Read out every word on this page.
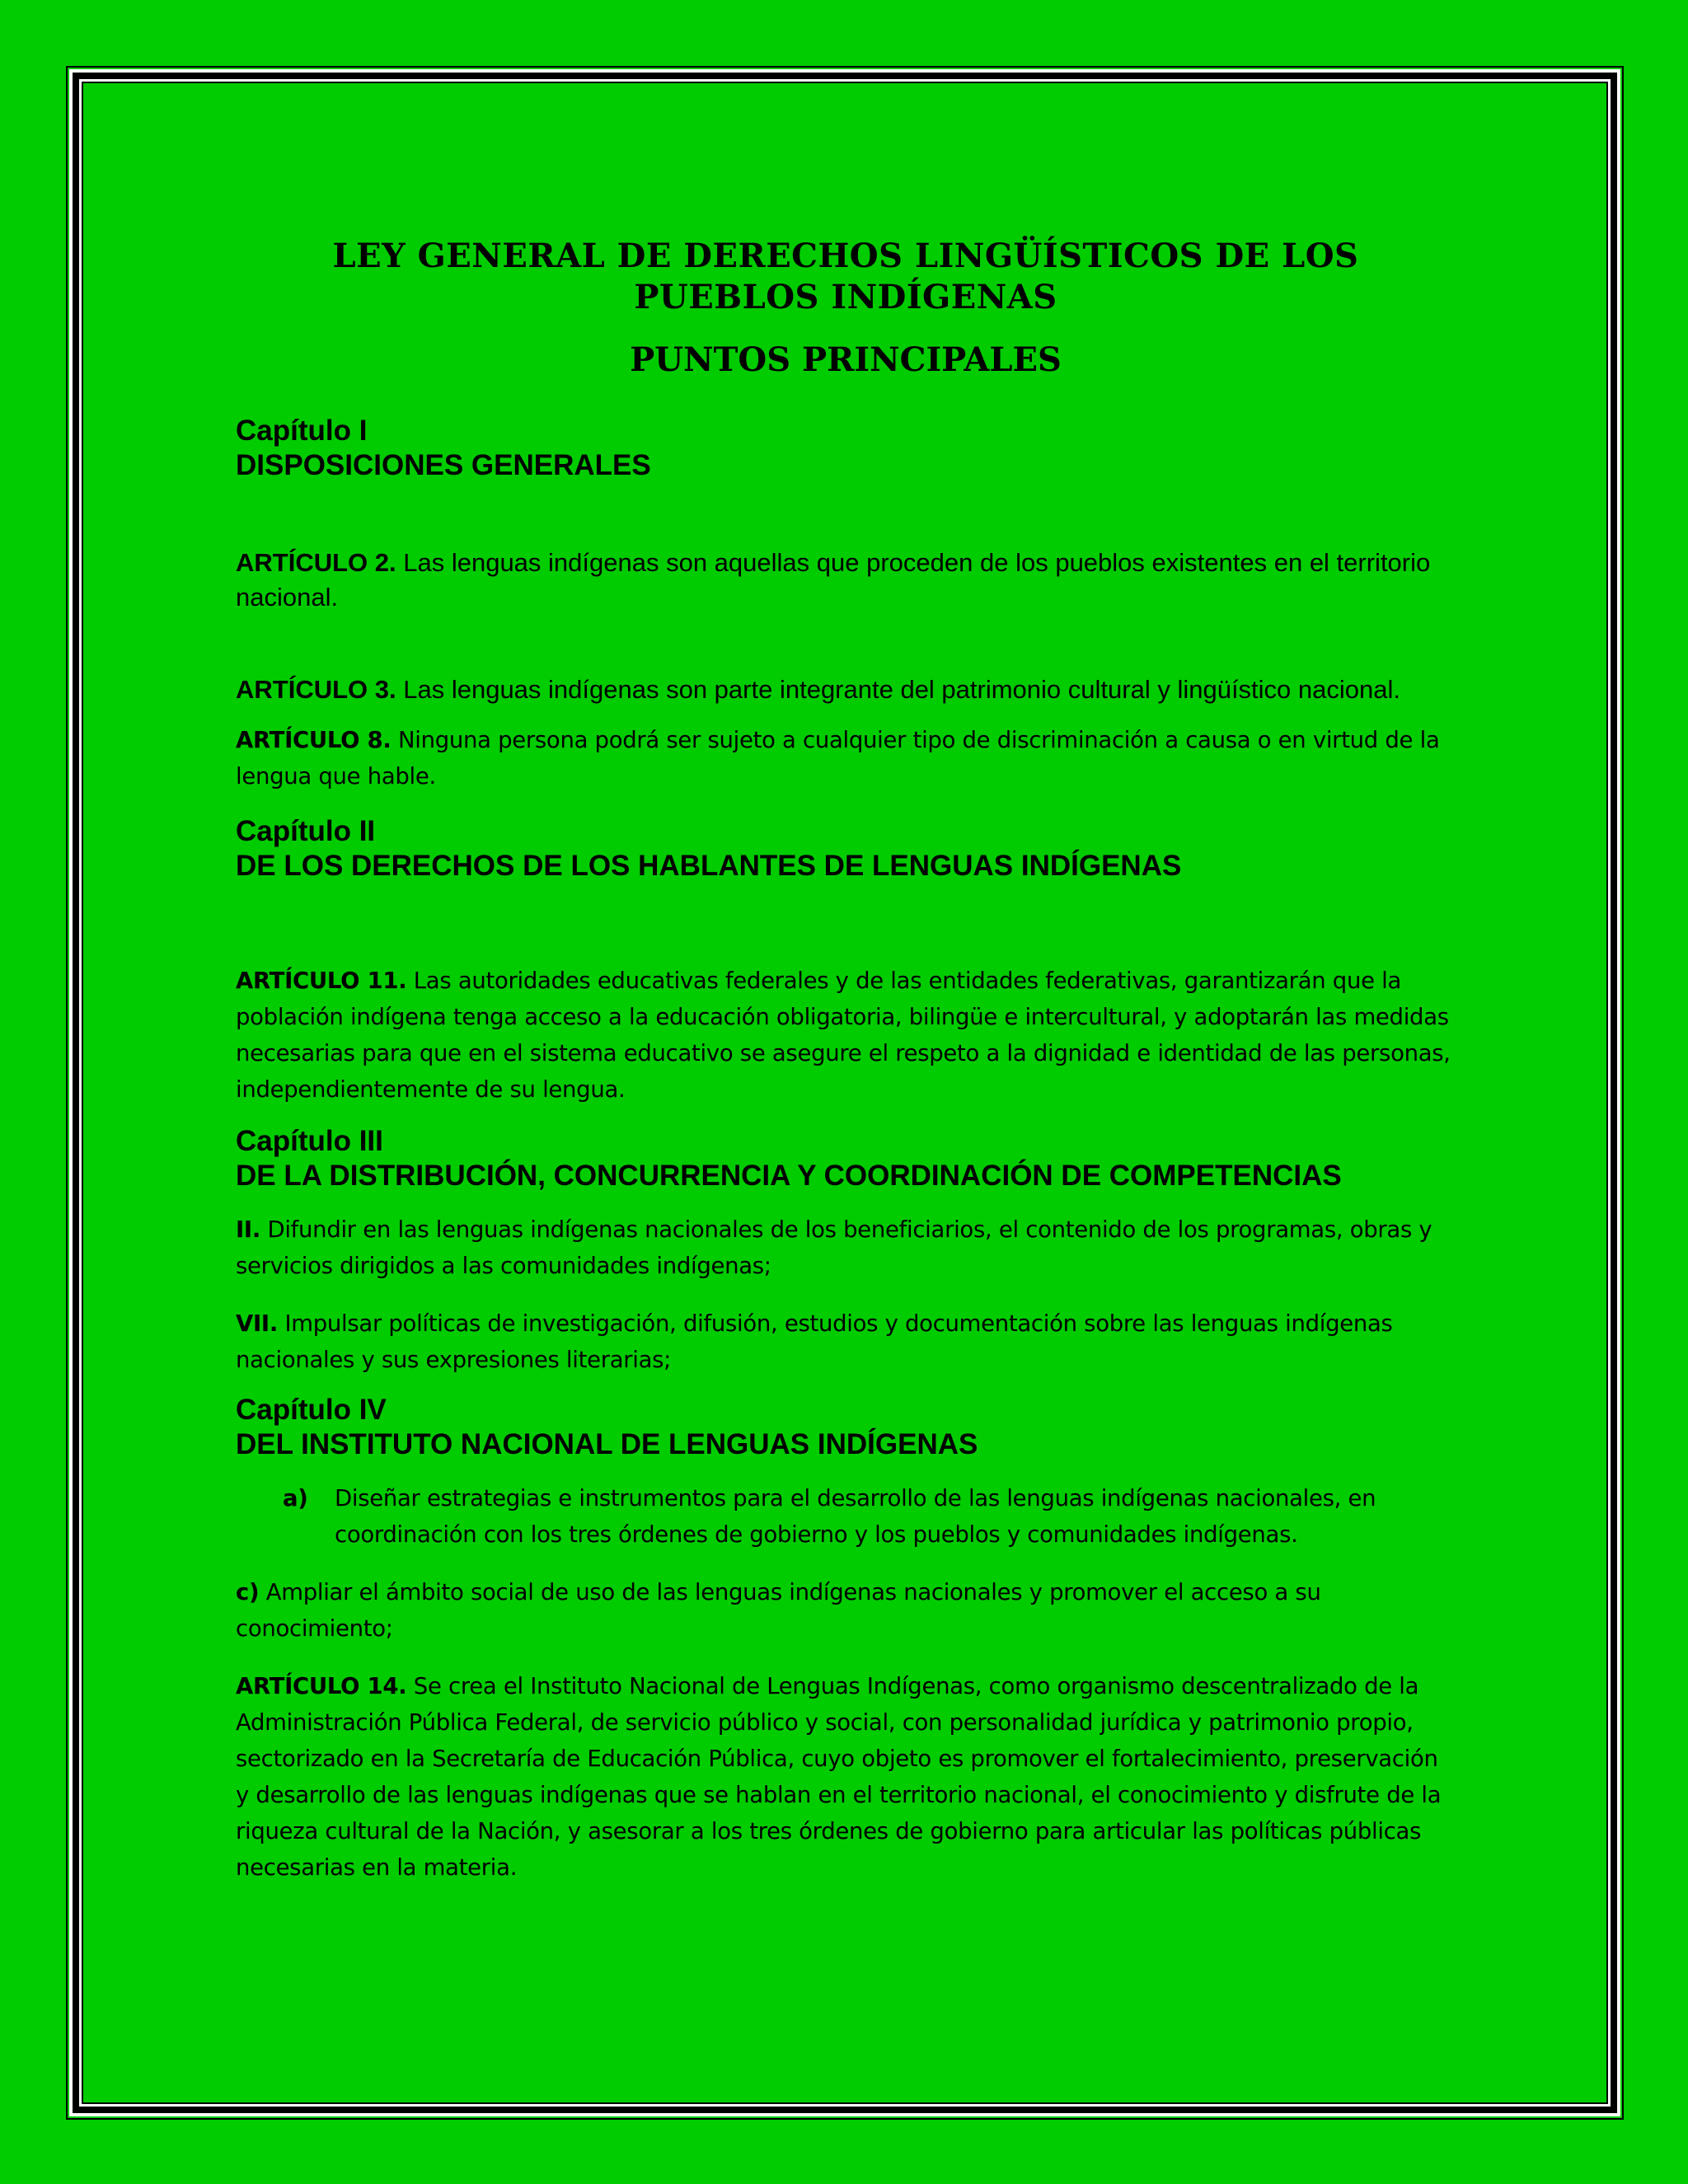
LEY GENERAL DE DERECHOS LINGÜÍSTICOS DE LOS PUEBLOS INDÍGENAS
PUNTOS PRINCIPALES
Capítulo I
DISPOSICIONES GENERALES

ARTÍCULO 2. Las lenguas indígenas son aquellas que proceden de los pueblos existentes en el territorio nacional.

ARTÍCULO 3. Las lenguas indígenas son parte integrante del patrimonio cultural y lingüístico nacional.

ARTÍCULO 8. Ninguna persona podrá ser sujeto a cualquier tipo de discriminación a causa o en virtud de la lengua que hable.

Capítulo II
DE LOS DERECHOS DE LOS HABLANTES DE LENGUAS INDÍGENAS

ARTÍCULO 11. Las autoridades educativas federales y de las entidades federativas, garantizarán que la población indígena tenga acceso a la educación obligatoria, bilingüe e intercultural, y adoptarán las medidas necesarias para que en el sistema educativo se asegure el respeto a la dignidad e identidad de las personas, independientemente de su lengua.

Capítulo III
DE LA DISTRIBUCIÓN, CONCURRENCIA Y COORDINACIÓN DE COMPETENCIAS

II. Difundir en las lenguas indígenas nacionales de los beneficiarios, el contenido de los programas, obras y servicios dirigidos a las comunidades indígenas;

VII. Impulsar políticas de investigación, difusión, estudios y documentación sobre las lenguas indígenas nacionales y sus expresiones literarias;

Capítulo IV
DEL INSTITUTO NACIONAL DE LENGUAS INDÍGENAS

a) Diseñar estrategias e instrumentos para el desarrollo de las lenguas indígenas nacionales, en coordinación con los tres órdenes de gobierno y los pueblos y comunidades indígenas.

c) Ampliar el ámbito social de uso de las lenguas indígenas nacionales y promover el acceso a su conocimiento;

ARTÍCULO 14. Se crea el Instituto Nacional de Lenguas Indígenas, como organismo descentralizado de la Administración Pública Federal, de servicio público y social, con personalidad jurídica y patrimonio propio, sectorizado en la Secretaría de Educación Pública, cuyo objeto es promover el fortalecimiento, preservación y desarrollo de las lenguas indígenas que se hablan en el territorio nacional, el conocimiento y disfrute de la riqueza cultural de la Nación, y asesorar a los tres órdenes de gobierno para articular las políticas públicas necesarias en la materia.
